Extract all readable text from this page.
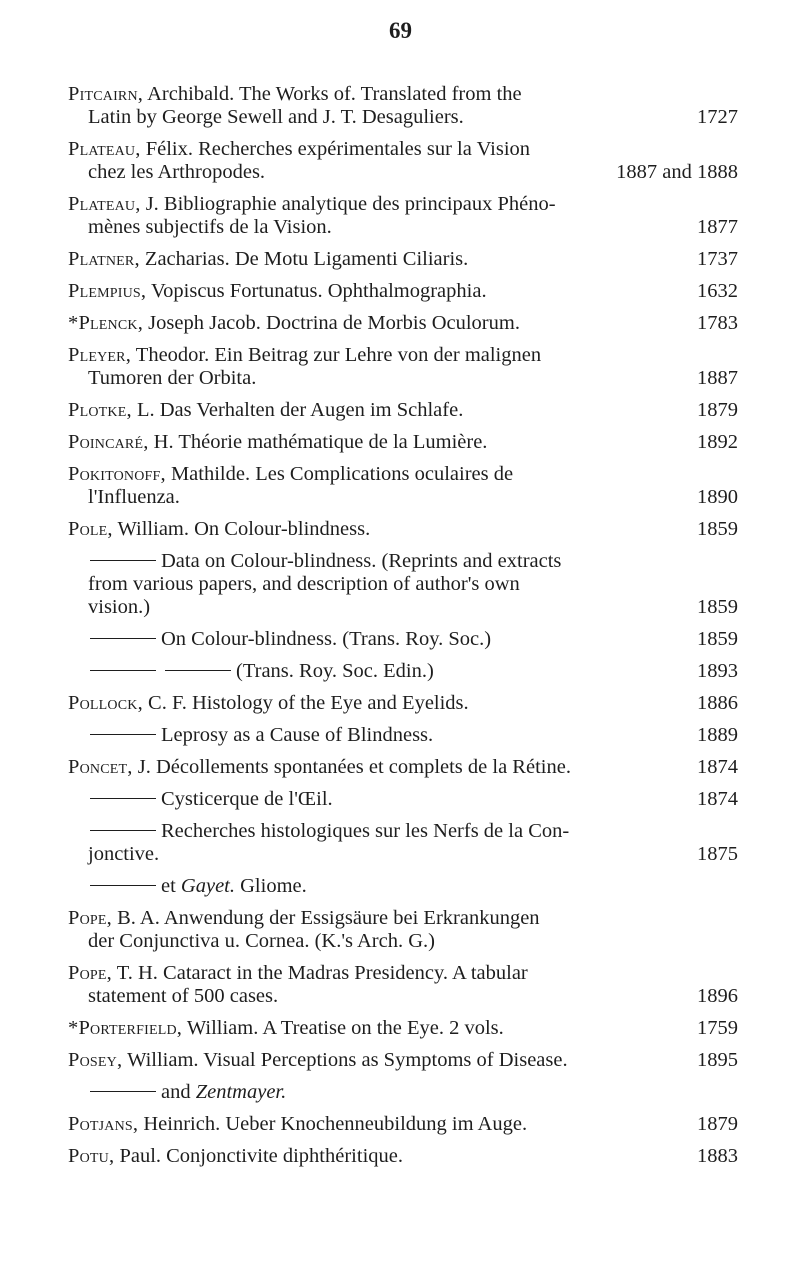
69
Pitcairn, Archibald. The Works of. Translated from the
Latin by George Sewell and J. T. Desaguliers.	1727
Plateau, Félix. Recherches expérimentales sur la Vision
chez les Arthropodes.	1887 and 1888
Plateau, J. Bibliographie analytique des principaux Phéno-
mènes subjectifs de la Vision.	1877
Platner, Zacharias. De Motu Ligamenti Ciliaris.	1737
Plempius, Vopiscus Fortunatus. Ophthalmographia.	1632
*Plenck, Joseph Jacob. Doctrina de Morbis Oculorum.	1783
Pleyer, Theodor. Ein Beitrag zur Lehre von der malignen
Tumoren der Orbita.	1887
Plotke, L. Das Verhalten der Augen im Schlafe.	1879
Poincaré, H. Théorie mathématique de la Lumière.	1892
Pokitonoff, Mathilde. Les Complications oculaires de
l'Influenza.	1890
Pole, William. On Colour-blindness.	1859
Data on Colour-blindness. (Reprints and extracts
from various papers, and description of author's own
vision.)	1859
On Colour-blindness. (Trans. Roy. Soc.)	1859
(Trans. Roy. Soc. Edin.)	1893
Pollock, C. F. Histology of the Eye and Eyelids.	1886
Leprosy as a Cause of Blindness.	1889
Poncet, J. Décollements spontanées et complets de la Rétine.	1874
Cysticerque de l'Œil.	1874
Recherches histologiques sur les Nerfs de la Con-
jonctive.	1875
et Gayet. Gliome.
Pope, B. A. Anwendung der Essigsäure bei Erkrankungen
der Conjunctiva u. Cornea. (K.'s Arch. G.)
Pope, T. H. Cataract in the Madras Presidency. A tabular
statement of 500 cases.	1896
*Porterfield, William. A Treatise on the Eye. 2 vols.	1759
Posey, William. Visual Perceptions as Symptoms of Disease.	1895
and Zentmayer.
Potjans, Heinrich. Ueber Knochenneubildung im Auge.	1879
Potu, Paul. Conjonctivite diphthéritique.	1883
